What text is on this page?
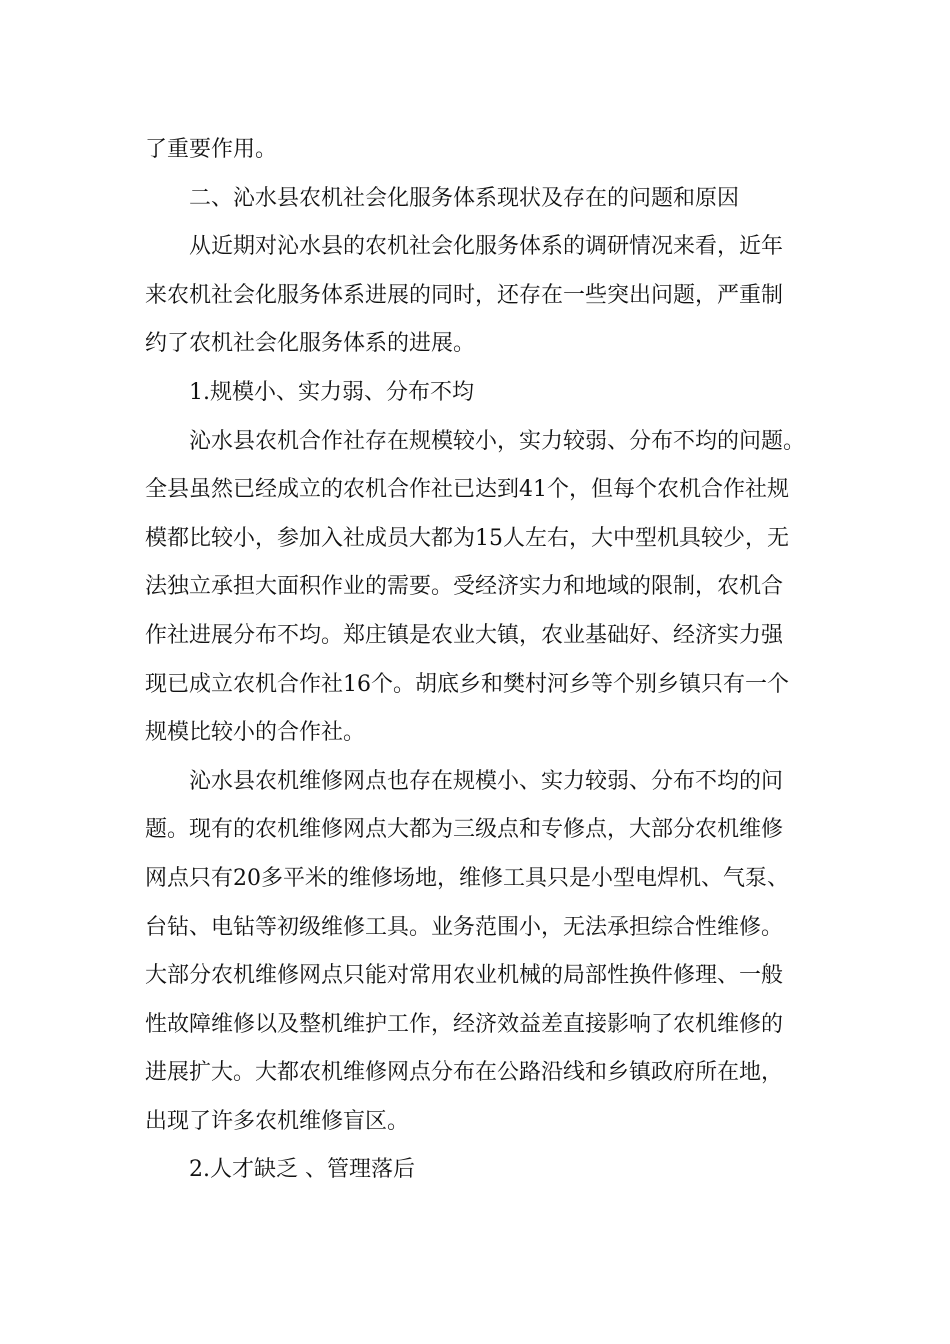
了重要作用。
二、沁水县农机社会化服务体系现状及存在的问题和原因
从近期对沁水县的农机社会化服务体系的调研情况来看，近年
来农机社会化服务体系进展的同时，还存在一些突出问题，严重制
约了农机社会化服务体系的进展。
1.规模小、实力弱、分布不均
沁水县农机合作社存在规模较小，实力较弱、分布不均的问题。
全县虽然已经成立的农机合作社已达到41个，但每个农机合作社规
模都比较小，参加入社成员大都为15人左右，大中型机具较少，无
法独立承担大面积作业的需要。受经济实力和地域的限制，农机合
作社进展分布不均。郑庄镇是农业大镇，农业基础好、经济实力强
现已成立农机合作社16个。胡底乡和樊村河乡等个别乡镇只有一个
规模比较小的合作社。
沁水县农机维修网点也存在规模小、实力较弱、分布不均的问
题。现有的农机维修网点大都为三级点和专修点，大部分农机维修
网点只有20多平米的维修场地，维修工具只是小型电焊机、气泵、
台钻、电钻等初级维修工具。业务范围小，无法承担综合性维修。
大部分农机维修网点只能对常用农业机械的局部性换件修理、一般
性故障维修以及整机维护工作，经济效益差直接影响了农机维修的
进展扩大。大都农机维修网点分布在公路沿线和乡镇政府所在地，
出现了许多农机维修盲区。
2.人才缺乏 、管理落后
